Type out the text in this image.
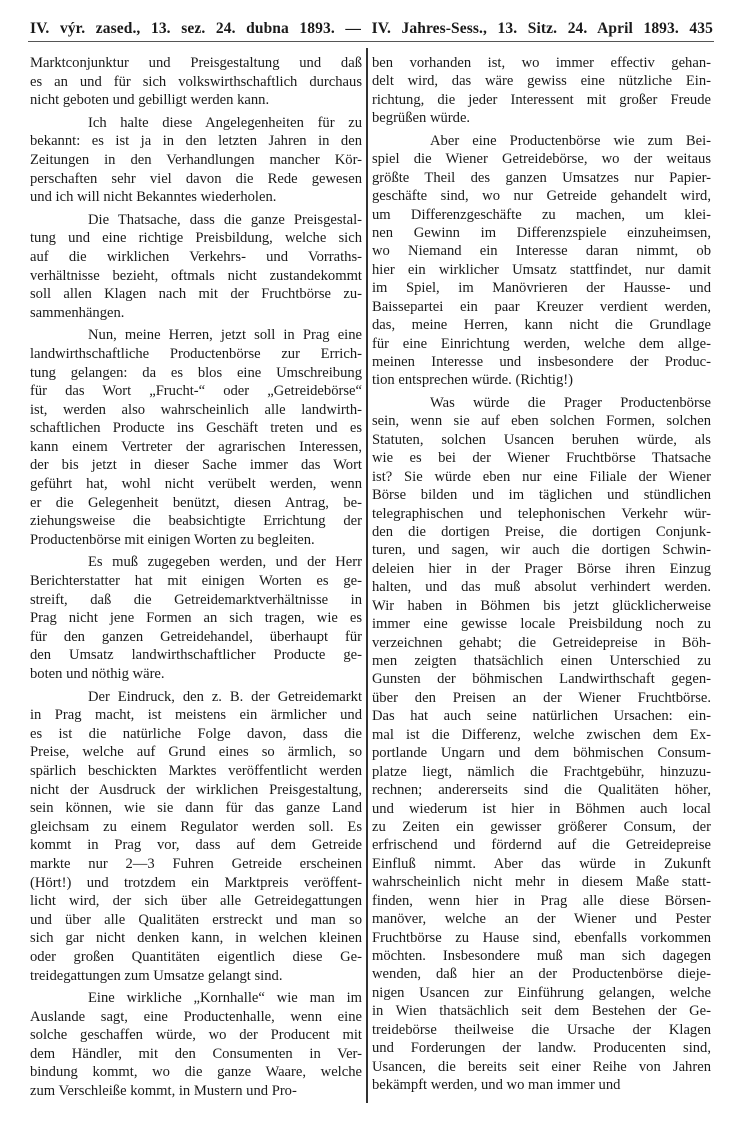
IV. výr. zased., 13. sez. 24. dubna 1893. — IV. Jahres-Sess., 13. Sitz. 24. April 1893. 435
Marktconjunktur und Preisgestaltung und daß
es an und für sich volkswirthschaftlich durchaus
nicht geboten und gebilligt werden kann.
Ich halte diese Angelegenheiten für zu
bekannt: es ist ja in den letzten Jahren in den
Zeitungen in den Verhandlungen mancher Kör-
perschaften sehr viel davon die Rede gewesen
und ich will nicht Bekanntes wiederholen.
Die Thatsache, dass die ganze Preisgestal-
tung und eine richtige Preisbildung, welche sich
auf die wirklichen Verkehrs- und Vorraths-
verhältnisse bezieht, oftmals nicht zustandekommt
soll allen Klagen nach mit der Fruchtbörse zu-
sammenhängen.
Nun, meine Herren, jetzt soll in Prag eine
landwirthschaftliche Productenbörse zur Errich-
tung gelangen: da es blos eine Umschreibung
für das Wort „Frucht-“ oder „Getreidebörse“
ist, werden also wahrscheinlich alle landwirth-
schaftlichen Producte ins Geschäft treten und es
kann einem Vertreter der agrarischen Interessen,
der bis jetzt in dieser Sache immer das Wort
geführt hat, wohl nicht verübelt werden, wenn
er die Gelegenheit benützt, diesen Antrag, be-
ziehungsweise die beabsichtigte Errichtung der
Productenbörse mit einigen Worten zu begleiten.
Es muß zugegeben werden, und der Herr
Berichterstatter hat mit einigen Worten es ge-
streift, daß die Getreidemarktverhältnisse in
Prag nicht jene Formen an sich tragen, wie es
für den ganzen Getreidehandel, überhaupt für
den Umsatz landwirthschaftlicher Producte ge-
boten und nöthig wäre.
Der Eindruck, den z. B. der Getreidemarkt
in Prag macht, ist meistens ein ärmlicher und
es ist die natürliche Folge davon, dass die
Preise, welche auf Grund eines so ärmlich, so
spärlich beschickten Marktes veröffentlicht werden
nicht der Ausdruck der wirklichen Preisgestaltung,
sein können, wie sie dann für das ganze Land
gleichsam zu einem Regulator werden soll. Es
kommt in Prag vor, dass auf dem Getreide
markte nur 2—3 Fuhren Getreide erscheinen
(Hört!) und trotzdem ein Marktpreis veröffent-
licht wird, der sich über alle Getreidegattungen
und über alle Qualitäten erstreckt und man so
sich gar nicht denken kann, in welchen kleinen
oder großen Quantitäten eigentlich diese Ge-
treidegattungen zum Umsatze gelangt sind.
Eine wirkliche „Kornhalle“ wie man im
Auslande sagt, eine Productenhalle, wenn eine
solche geschaffen würde, wo der Producent mit
dem Händler, mit den Consumenten in Ver-
bindung kommt, wo die ganze Waare, welche
zum Verschleiße kommt, in Mustern und Pro-
ben vorhanden ist, wo immer effectiv gehan-
delt wird, das wäre gewiss eine nützliche Ein-
richtung, die jeder Interessent mit großer Freude
begrüßen würde.
Aber eine Productenbörse wie zum Bei-
spiel die Wiener Getreidebörse, wo der weitaus
größte Theil des ganzen Umsatzes nur Papier-
geschäfte sind, wo nur Getreide gehandelt wird,
um Differenzgeschäfte zu machen, um klei-
nen Gewinn im Differenzspiele einzuheimsen,
wo Niemand ein Interesse daran nimmt, ob
hier ein wirklicher Umsatz stattfindet, nur damit
im Spiel, im Manövrieren der Hausse- und
Baissepartei ein paar Kreuzer verdient werden,
das, meine Herren, kann nicht die Grundlage
für eine Einrichtung werden, welche dem allge-
meinen Interesse und insbesondere der Produc-
tion entsprechen würde. (Richtig!)
Was würde die Prager Productenbörse
sein, wenn sie auf eben solchen Formen, solchen
Statuten, solchen Usancen beruhen würde, als
wie es bei der Wiener Fruchtbörse Thatsache
ist? Sie würde eben nur eine Filiale der Wiener
Börse bilden und im täglichen und stündlichen
telegraphischen und telephonischen Verkehr wür-
den die dortigen Preise, die dortigen Conjunk-
turen, und sagen, wir auch die dortigen Schwin-
deleien hier in der Prager Börse ihren Einzug
halten, und das muß absolut verhindert werden.
Wir haben in Böhmen bis jetzt glücklicherweise
immer eine gewisse locale Preisbildung noch zu
verzeichnen gehabt; die Getreidepreise in Böh-
men zeigten thatsächlich einen Unterschied zu
Gunsten der böhmischen Landwirthschaft gegen-
über den Preisen an der Wiener Fruchtbörse.
Das hat auch seine natürlichen Ursachen: ein-
mal ist die Differenz, welche zwischen dem Ex-
portlande Ungarn und dem böhmischen Consum-
platze liegt, nämlich die Frachtgebühr, hinzuzu-
rechnen; andererseits sind die Qualitäten höher,
und wiederum ist hier in Böhmen auch local
zu Zeiten ein gewisser größerer Consum, der
erfrischend und fördernd auf die Getreidepreise
Einfluß nimmt. Aber das würde in Zukunft
wahrscheinlich nicht mehr in diesem Maße statt-
finden, wenn hier in Prag alle diese Börsen-
manöver, welche an der Wiener und Pester
Fruchtbörse zu Hause sind, ebenfalls vorkommen
möchten. Insbesondere muß man sich dagegen
wenden, daß hier an der Productenbörse dieje-
nigen Usancen zur Einführung gelangen, welche
in Wien thatsächlich seit dem Bestehen der Ge-
treidebörse theilweise die Ursache der Klagen
und Forderungen der landw. Producenten sind,
Usancen, die bereits seit einer Reihe von Jahren
bekämpft werden, und wo man immer und
